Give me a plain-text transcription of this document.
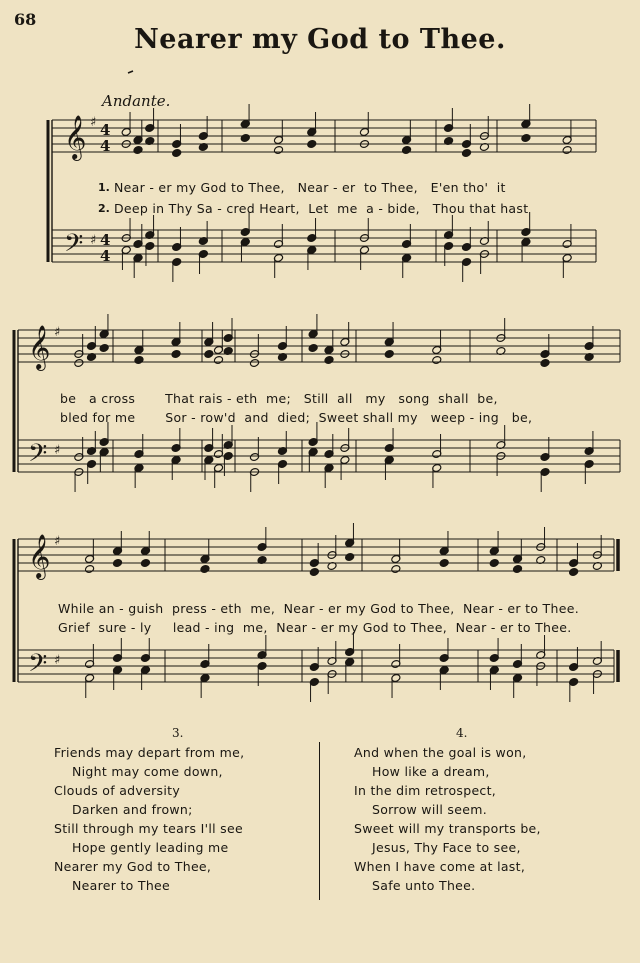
68
Nearer my God to Thee.
Andante.
𝄞
𝄢
♯
♯
4
4
4
4
𝄞
𝄢
♯
♯
𝄞
𝄢
♯
♯
1. Near - er my God to Thee,   Near - er  to Thee,   E'en tho'  it
2. Deep in Thy Sa - cred Heart,  Let  me  a - bide,   Thou that hast
be   a cross       That rais - eth  me;   Still  all   my   song  shall  be,
bled for me       Sor - row'd  and  died;  Sweet shall my   weep - ing   be,
While an - guish  press - eth  me,  Near - er my God to Thee,  Near - er to Thee.
Grief  sure - ly     lead - ing  me,  Near - er my God to Thee,  Near - er to Thee.
3.
Friends may depart from me,
Night may come down,
Clouds of adversity
Darken and frown;
Still through my tears I'll see
Hope gently leading me
Nearer my God to Thee,
Nearer to Thee
4.
And when the goal is won,
How like a dream,
In the dim retrospect,
Sorrow will seem.
Sweet will my transports be,
Jesus, Thy Face to see,
When I have come at last,
Safe unto Thee.
